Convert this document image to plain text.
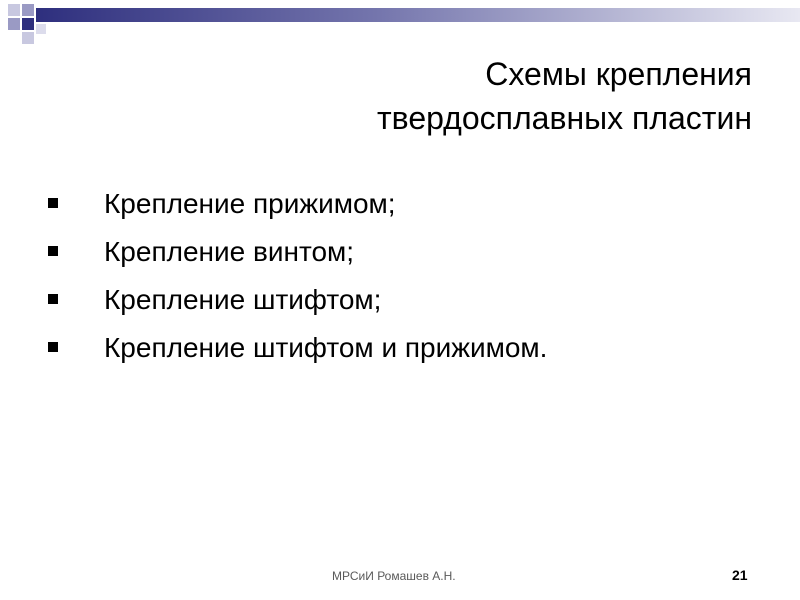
Схемы крепления
твердосплавных пластин
Крепление прижимом;
Крепление винтом;
Крепление штифтом;
Крепление штифтом и прижимом.
МРСиИ Ромашев А.Н.	21
